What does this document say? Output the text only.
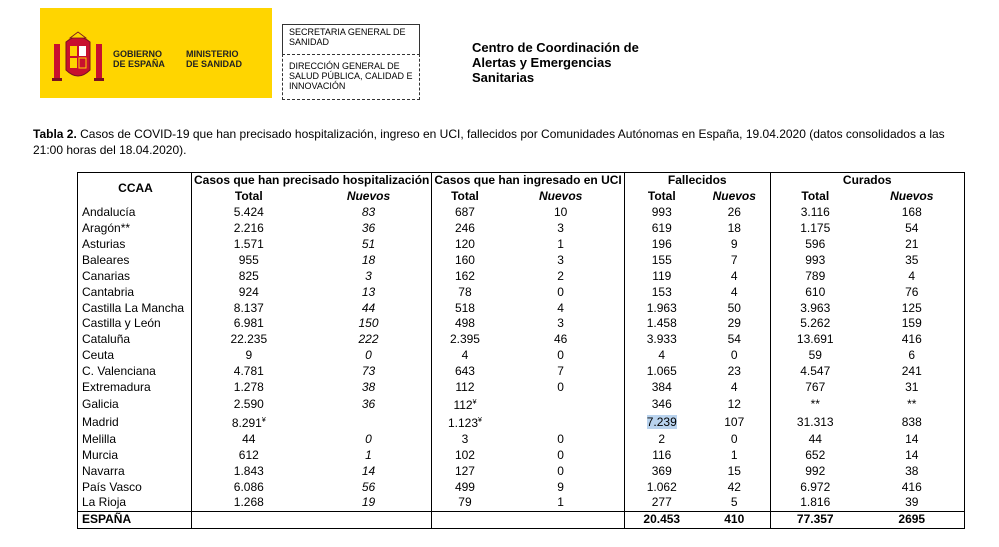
GOBIERNO
DE ESPAÑA
MINISTERIO
DE SANIDAD
SECRETARIA GENERAL DE SANIDAD
DIRECCIÓN GENERAL DE SALUD PÚBLICA, CALIDAD E INNOVACIÓN
Centro de Coordinación de
Alertas y Emergencias
Sanitarias
Tabla 2. Casos de COVID-19 que han precisado hospitalización, ingreso en UCI, fallecidos por Comunidades Autónomas en España, 19.04.2020 (datos consolidados a las 21:00 horas del 18.04.2020).
CCAA	Casos que han precisado hospitalización		Casos que han ingresado en UCI		Fallecidos		Curados	
	Total	Nuevos	Total	Nuevos	Total	Nuevos	Total	Nuevos
Andalucía	5.424	83	687	10	993	26	3.116	168
Aragón**	2.216	36	246	3	619	18	1.175	54
Asturias	1.571	51	120	1	196	9	596	21
Baleares	955	18	160	3	155	7	993	35
Canarias	825	3	162	2	119	4	789	4
Cantabria	924	13	78	0	153	4	610	76
Castilla La Mancha	8.137	44	518	4	1.963	50	3.963	125
Castilla y León	6.981	150	498	3	1.458	29	5.262	159
Cataluña	22.235	222	2.395	46	3.933	54	13.691	416
Ceuta	9	0	4	0	4	0	59	6
C. Valenciana	4.781	73	643	7	1.065	23	4.547	241
Extremadura	1.278	38	112	0	384	4	767	31
Galicia	2.590	36	112¥		346	12	**	**
Madrid	8.291¥		1.123¥		7.239	107	31.313	838
Melilla	44	0	3	0	2	0	44	14
Murcia	612	1	102	0	116	1	652	14
Navarra	1.843	14	127	0	369	15	992	38
País Vasco	6.086	56	499	9	1.062	42	6.972	416
La Rioja	1.268	19	79	1	277	5	1.816	39
ESPAÑA					20.453	410	77.357	2695
